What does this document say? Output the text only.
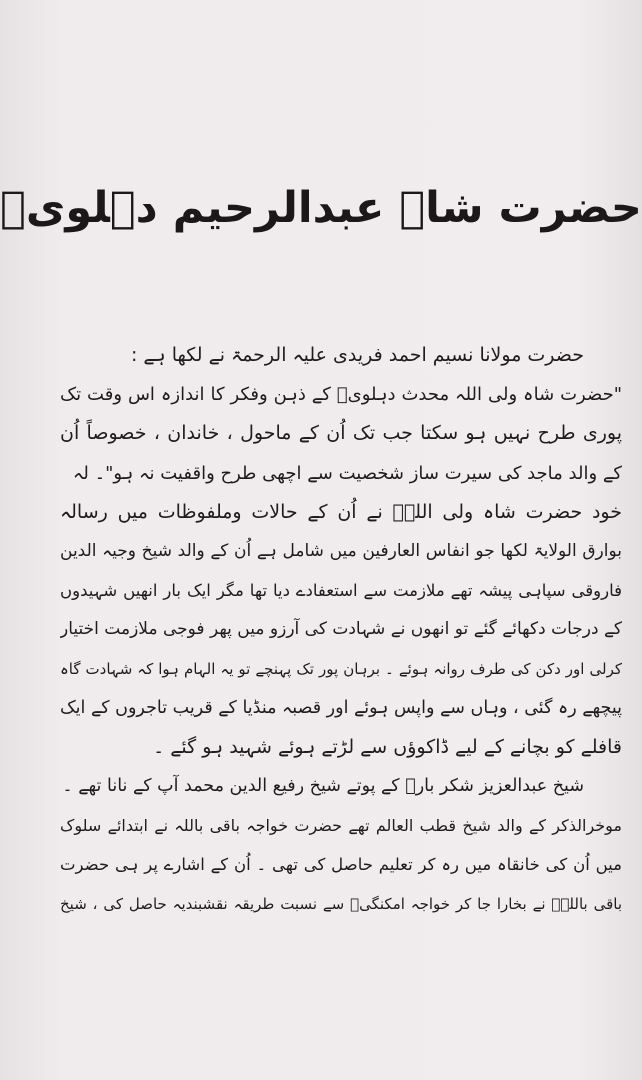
حضرت شاہ عبدالرحیم دہلویؒ
حضرت مولانا نسیم احمد فریدی علیہ الرحمۃ نے لکھا ہے :
"حضرت شاہ ولی اللہ محدث دہلویؒ کے ذہن وفکر کا اندازہ اس وقت تک
پوری طرح نہیں ہو سکتا جب تک اُن کے ماحول ، خاندان ، خصوصاً اُن
کے والد ماجد کی سیرت ساز شخصیت سے اچھی طرح واقفیت نہ ہو"۔ لہ
خود حضرت شاہ ولی اللہؒ نے اُن کے حالات وملفوظات میں رسالہ
بوارق الولایۃ لکھا جو انفاس العارفین میں شامل ہے اُن کے والد شیخ وجیہ الدین
فاروقی سپاہی پیشہ تھے ملازمت سے استعفادے دیا تھا مگر ایک بار انھیں شہیدوں
کے درجات دکھائے گئے تو انھوں نے شہادت کی آرزو میں پھر فوجی ملازمت اختیار
کرلی اور دکن کی طرف روانہ ہوئے ۔ برہان پور تک پہنچے تو یہ الہام ہوا کہ شہادت گاہ
پیچھے رہ گئی ، وہاں سے واپس ہوئے اور قصبہ منڈیا کے قریب تاجروں کے ایک
قافلے کو بچانے کے لیے ڈاکوؤں سے لڑتے ہوئے شہید ہو گئے ۔
شیخ عبدالعزیز شکر بارؒ کے پوتے شیخ رفیع الدین محمد آپ کے نانا تھے ۔
موخرالذکر کے والد شیخ قطب العالم تھے حضرت خواجہ باقی باللہ نے ابتدائے سلوک
میں اُن کی خانقاہ میں رہ کر تعلیم حاصل کی تھی ۔ اُن کے اشارے پر ہی حضرت
باقی باللہؒ نے بخارا جا کر خواجہ امکنگیؒ سے نسبت طریقہ نقشبندیہ حاصل کی ، شیخ
